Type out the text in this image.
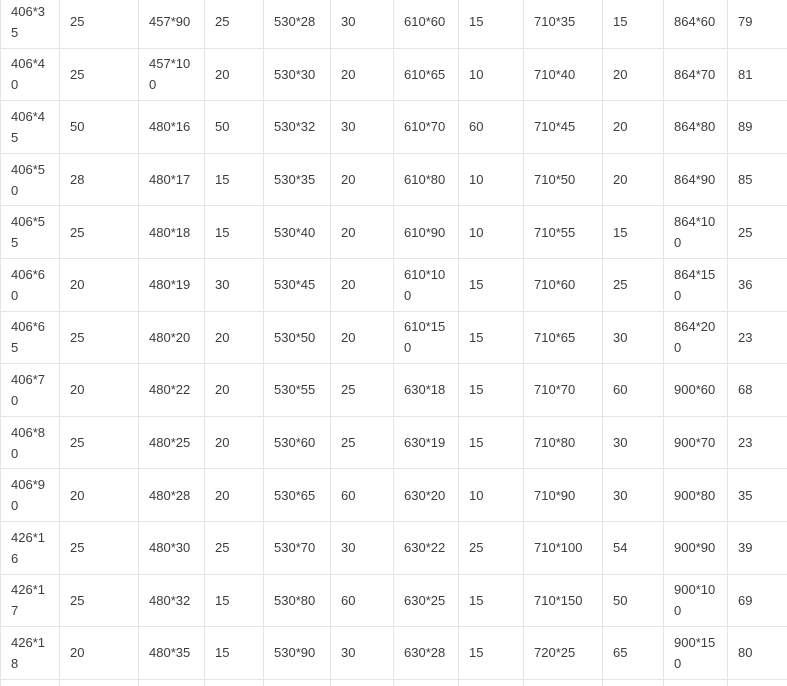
406*35	25	457*90	25	530*28	30	610*60	15	710*35	15	864*60	79
406*40	25	457*100	20	530*30	20	610*65	10	710*40	20	864*70	81
406*45	50	480*16	50	530*32	30	610*70	60	710*45	20	864*80	89
406*50	28	480*17	15	530*35	20	610*80	10	710*50	20	864*90	85
406*55	25	480*18	15	530*40	20	610*90	10	710*55	15	864*100	25
406*60	20	480*19	30	530*45	20	610*100	15	710*60	25	864*150	36
406*65	25	480*20	20	530*50	20	610*150	15	710*65	30	864*200	23
406*70	20	480*22	20	530*55	25	630*18	15	710*70	60	900*60	68
406*80	25	480*25	20	530*60	25	630*19	15	710*80	30	900*70	23
406*90	20	480*28	20	530*65	60	630*20	10	710*90	30	900*80	35
426*16	25	480*30	25	530*70	30	630*22	25	710*100	54	900*90	39
426*17	25	480*32	15	530*80	60	630*25	15	710*150	50	900*100	69
426*18	20	480*35	15	530*90	30	630*28	15	720*25	65	900*150	80
